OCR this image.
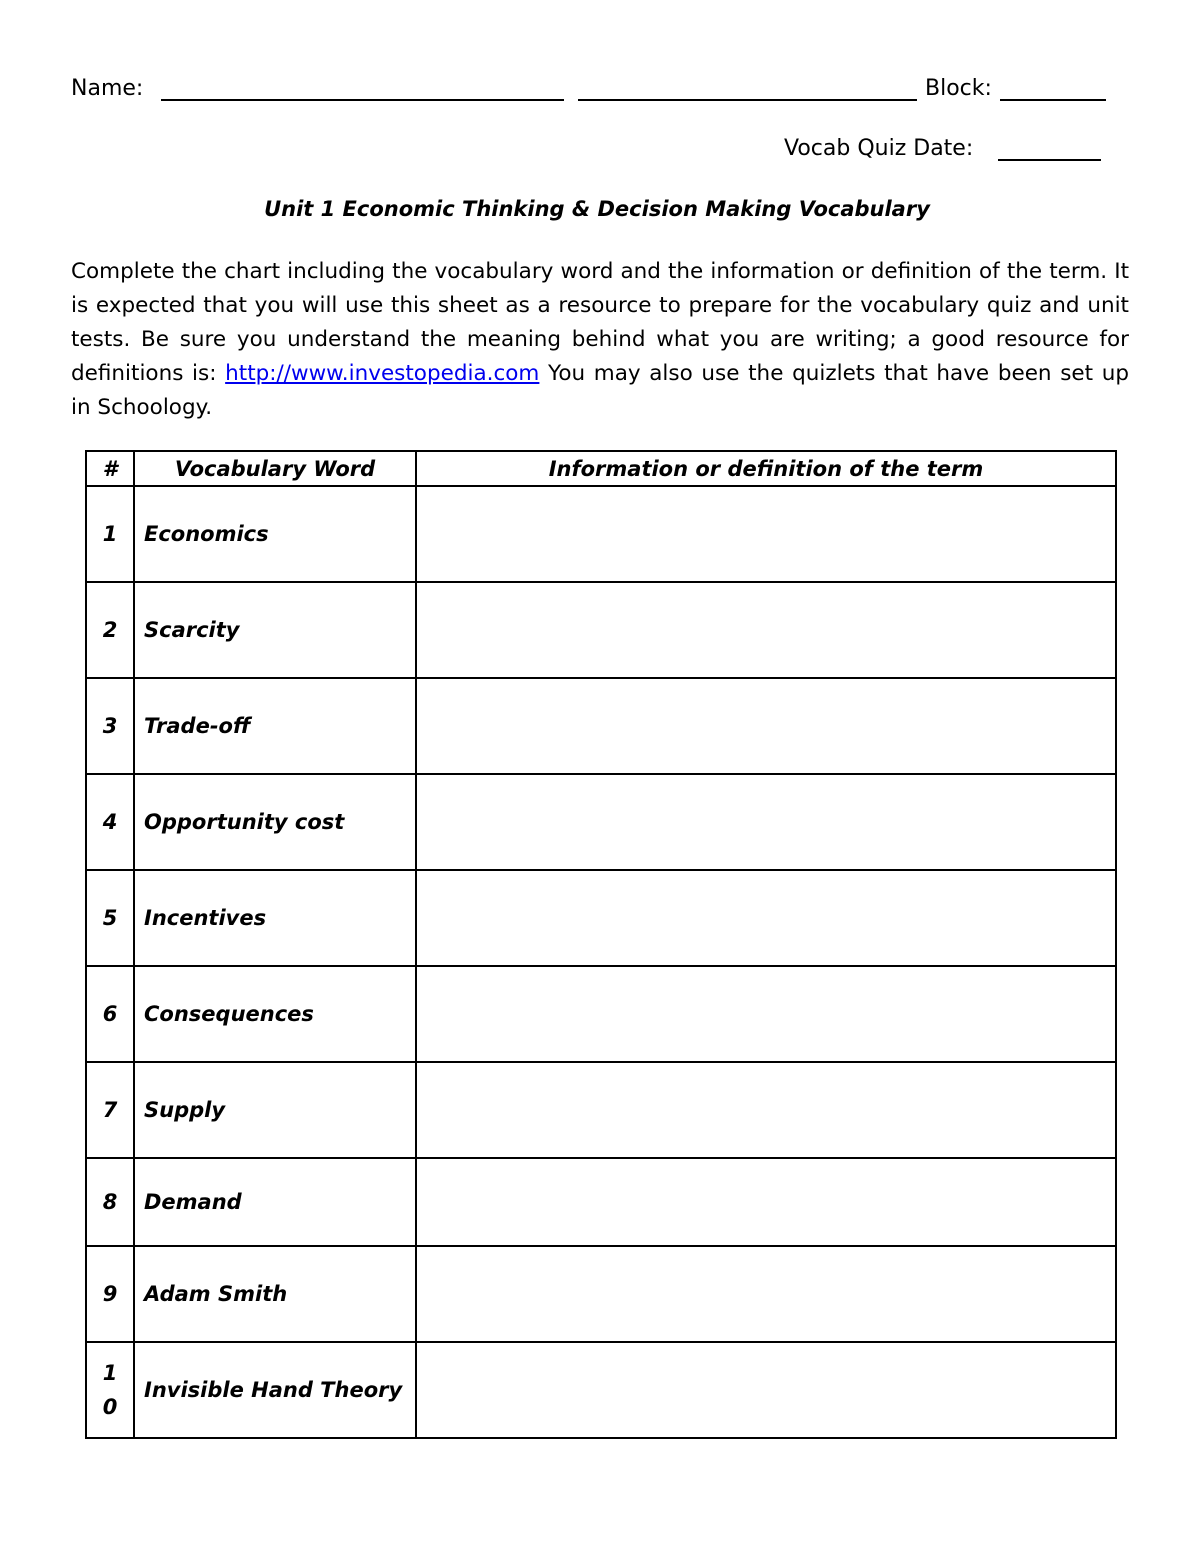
Name:	Block:
Vocab Quiz Date:
Unit 1 Economic Thinking & Decision Making Vocabulary
Complete the chart including the vocabulary word and the information or definition of the term. It is expected that you will use this sheet as a resource to prepare for the vocabulary quiz and unit tests. Be sure you understand the meaning behind what you are writing; a good resource for definitions is: http://www.investopedia.com You may also use the quizlets that have been set up in Schoology.
#	Vocabulary Word	Information or definition of the term
1	Economics	
2	Scarcity	
3	Trade-off	
4	Opportunity cost	
5	Incentives	
6	Consequences	
7	Supply	
8	Demand	
9	Adam Smith	
10	Invisible Hand Theory	
